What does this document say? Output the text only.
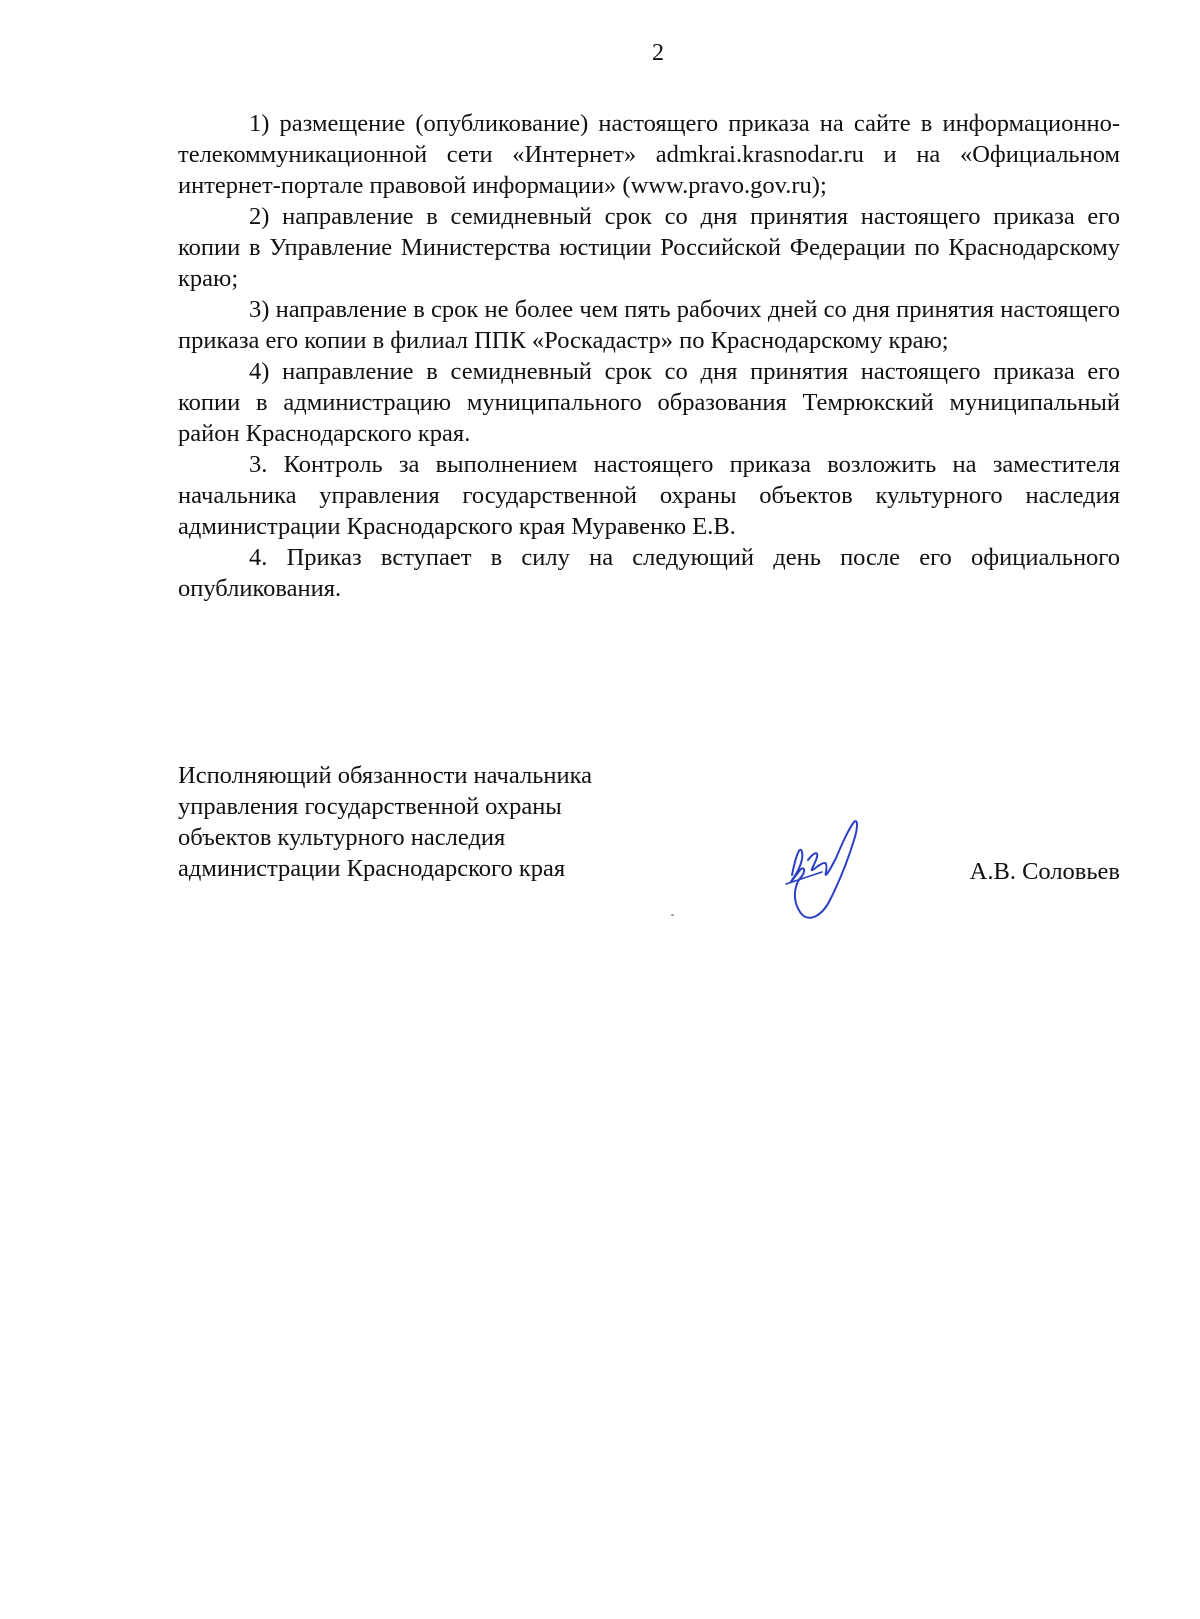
2

1) размещение (опубликование) настоящего приказа на сайте в информационно-телекоммуникационной сети «Интернет» admkrai.krasnodar.ru и на «Официальном интернет-портале правовой информации» (www.pravo.gov.ru);

2) направление в семидневный срок со дня принятия настоящего приказа его копии в Управление Министерства юстиции Российской Федерации по Краснодарскому краю;

3) направление в срок не более чем пять рабочих дней со дня принятия настоящего приказа его копии в филиал ППК «Роскадастр» по Краснодарскому краю;

4) направление в семидневный срок со дня принятия настоящего приказа его копии в администрацию муниципального образования Темрюкский муниципальный район Краснодарского края.

3. Контроль за выполнением настоящего приказа возложить на заместителя начальника управления государственной охраны объектов культурного наследия администрации Краснодарского края Муравенко Е.В.

4. Приказ вступает в силу на следующий день после его официального опубликования.

Исполняющий обязанности начальника
управления государственной охраны
объектов культурного наследия
администрации Краснодарского края	А.В. Соловьев
